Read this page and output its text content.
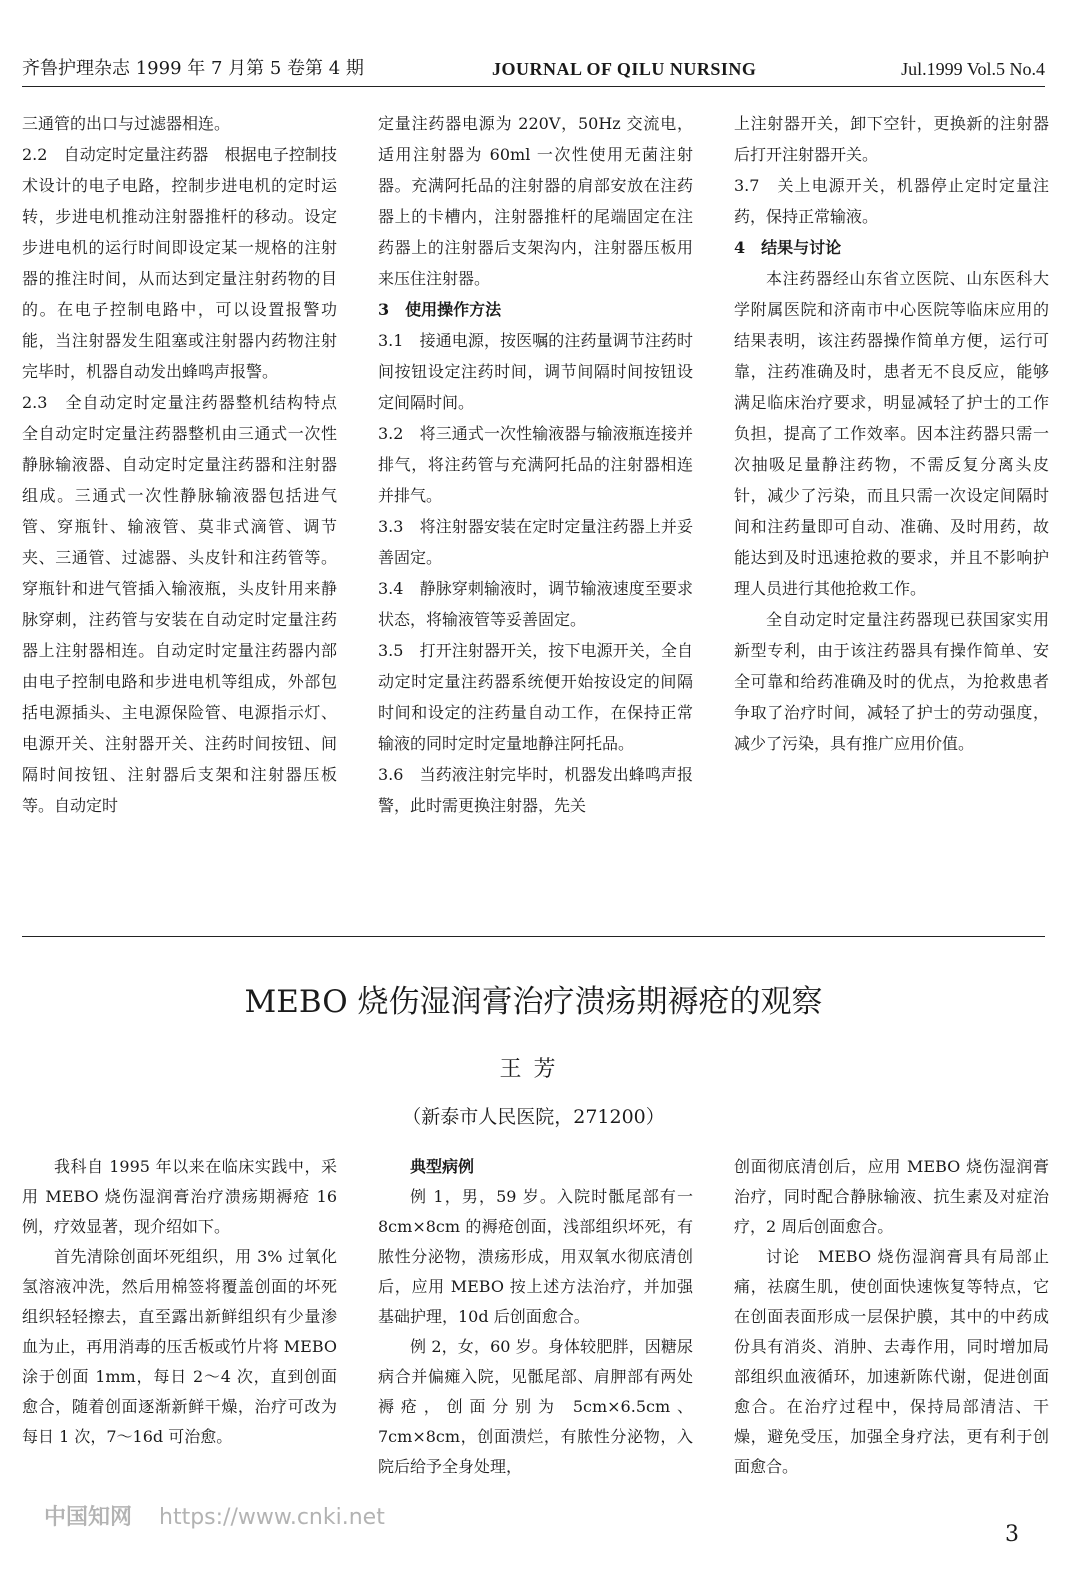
齐鲁护理杂志 1999 年 7 月第 5 卷第 4 期	JOURNAL OF QILU NURSING	Jul.1999 Vol.5 No.4

三通管的出口与过滤器相连。

2.2　自动定时定量注药器　根据电子控制技术设计的电子电路，控制步进电机的定时运转，步进电机推动注射器推杆的移动。设定步进电机的运行时间即设定某一规格的注射器的推注时间，从而达到定量注射药物的目的。在电子控制电路中，可以设置报警功能，当注射器发生阻塞或注射器内药物注射完毕时，机器自动发出蜂鸣声报警。

2.3　全自动定时定量注药器整机结构特点　全自动定时定量注药器整机由三通式一次性静脉输液器、自动定时定量注药器和注射器组成。三通式一次性静脉输液器包括进气管、穿瓶针、输液管、莫非式滴管、调节夹、三通管、过滤器、头皮针和注药管等。穿瓶针和进气管插入输液瓶，头皮针用来静脉穿刺，注药管与安装在自动定时定量注药器上注射器相连。自动定时定量注药器内部由电子控制电路和步进电机等组成，外部包括电源插头、主电源保险管、电源指示灯、电源开关、注射器开关、注药时间按钮、间隔时间按钮、注射器后支架和注射器压板等。自动定时

定量注药器电源为 220V，50Hz 交流电，适用注射器为 60ml 一次性使用无菌注射器。充满阿托品的注射器的肩部安放在注药器上的卡槽内，注射器推杆的尾端固定在注药器上的注射器后支架沟内，注射器压板用来压住注射器。

3　使用操作方法

3.1　接通电源，按医嘱的注药量调节注药时间按钮设定注药时间，调节间隔时间按钮设定间隔时间。

3.2　将三通式一次性输液器与输液瓶连接并排气，将注药管与充满阿托品的注射器相连并排气。

3.3　将注射器安装在定时定量注药器上并妥善固定。

3.4　静脉穿刺输液时，调节输液速度至要求状态，将输液管等妥善固定。

3.5　打开注射器开关，按下电源开关，全自动定时定量注药器系统便开始按设定的间隔时间和设定的注药量自动工作，在保持正常输液的同时定时定量地静注阿托品。

3.6　当药液注射完毕时，机器发出蜂鸣声报警，此时需更换注射器，先关

上注射器开关，卸下空针，更换新的注射器后打开注射器开关。

3.7　关上电源开关，机器停止定时定量注药，保持正常输液。

4　结果与讨论

本注药器经山东省立医院、山东医科大学附属医院和济南市中心医院等临床应用的结果表明，该注药器操作简单方便，运行可靠，注药准确及时，患者无不良反应，能够满足临床治疗要求，明显减轻了护士的工作负担，提高了工作效率。因本注药器只需一次抽吸足量静注药物，不需反复分离头皮针，减少了污染，而且只需一次设定间隔时间和注药量即可自动、准确、及时用药，故能达到及时迅速抢救的要求，并且不影响护理人员进行其他抢救工作。

全自动定时定量注药器现已获国家实用新型专利，由于该注药器具有操作简单、安全可靠和给药准确及时的优点，为抢救患者争取了治疗时间，减轻了护士的劳动强度，减少了污染，具有推广应用价值。

MEBO 烧伤湿润膏治疗溃疡期褥疮的观察
王芳
（新泰市人民医院，271200）

我科自 1995 年以来在临床实践中，采用 MEBO 烧伤湿润膏治疗溃疡期褥疮 16 例，疗效显著，现介绍如下。

首先清除创面坏死组织，用 3% 过氧化氢溶液冲洗，然后用棉签将覆盖创面的坏死组织轻轻擦去，直至露出新鲜组织有少量渗血为止，再用消毒的压舌板或竹片将 MEBO 涂于创面 1mm，每日 2～4 次，直到创面愈合，随着创面逐渐新鲜干燥，治疗可改为每日 1 次，7～16d 可治愈。

典型病例

例 1，男，59 岁。入院时骶尾部有一 8cm×8cm 的褥疮创面，浅部组织坏死，有脓性分泌物，溃疡形成，用双氧水彻底清创后，应用 MEBO 按上述方法治疗，并加强基础护理，10d 后创面愈合。

例 2，女，60 岁。身体较肥胖，因糖尿病合并偏瘫入院，见骶尾部、肩胛部有两处褥疮，创面分别为 5cm×6.5cm、7cm×8cm，创面溃烂，有脓性分泌物，入院后给予全身处理，

创面彻底清创后，应用 MEBO 烧伤湿润膏治疗，同时配合静脉输液、抗生素及对症治疗，2 周后创面愈合。

讨论　MEBO 烧伤湿润膏具有局部止痛，祛腐生肌，使创面快速恢复等特点，它在创面表面形成一层保护膜，其中的中药成份具有消炎、消肿、去毒作用，同时增加局部组织血液循环，加速新陈代谢，促进创面愈合。在治疗过程中，保持局部清洁、干燥，避免受压，加强全身疗法，更有利于创面愈合。

中国知网 https://www.cnki.net
3
